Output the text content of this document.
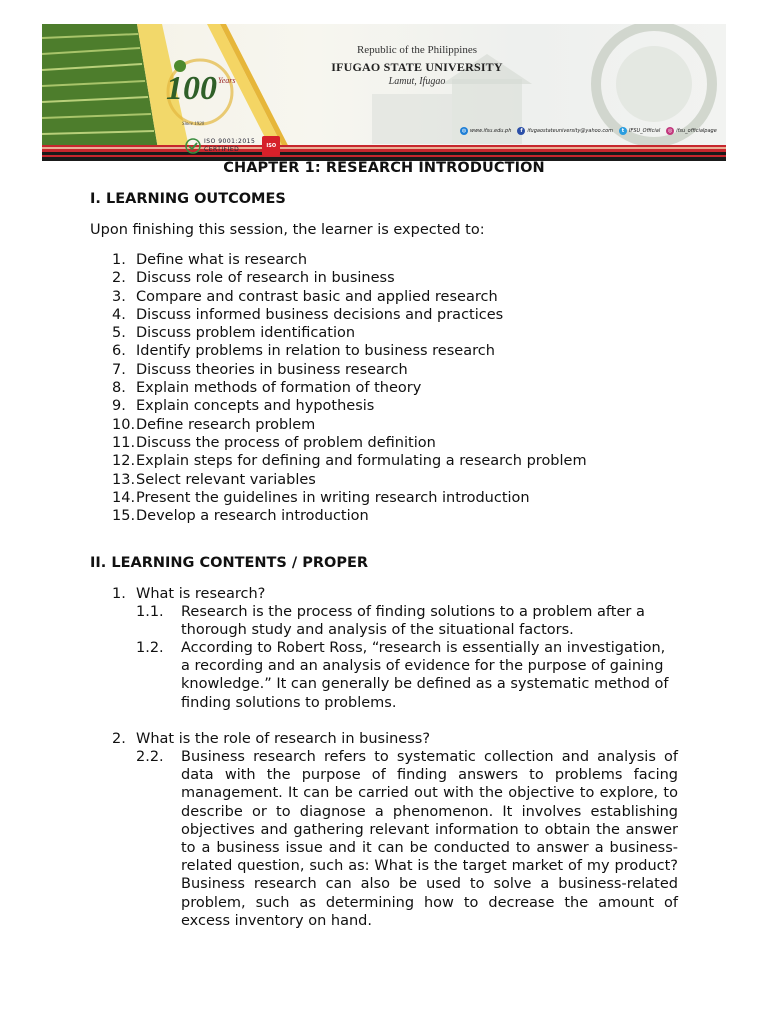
100 Years
Since 1920
Republic of the Philippines
IFUGAO STATE UNIVERSITY
Lamut, Ifugao
◍ www.ifsu.edu.ph	f ifugaostateuniversity@yahoo.com	t IFSU_Official	◎ ifsu_officialpage
ISO 9001:2015
CERTIFIED	ISO
CHAPTER 1: RESEARCH INTRODUCTION
I. LEARNING OUTCOMES
Upon finishing this session, the learner is expected to:
1. Define what is research
2. Discuss role of research in business
3. Compare and contrast basic and applied research
4. Discuss informed business decisions and practices
5. Discuss problem identification
6. Identify problems in relation to business research
7. Discuss theories in business research
8. Explain methods of formation of theory
9. Explain concepts and hypothesis
10. Define research problem
11. Discuss the process of problem definition
12. Explain steps for defining and formulating a research problem
13. Select relevant variables
14. Present the guidelines in writing research introduction
15. Develop a research introduction
II. LEARNING CONTENTS / PROPER
1. What is research?
1.1.	Research is the process of finding solutions to a problem after a thorough study and analysis of the situational factors.
1.2.	According to Robert Ross, “research is essentially an investigation, a recording and an analysis of evidence for the purpose of gaining knowledge.” It can generally be defined as a systematic method of finding solutions to problems.
2. What is the role of research in business?
2.2.	Business research refers to systematic collection and analysis of data with the purpose of finding answers to problems facing management. It can be carried out with the objective to explore, to describe or to diagnose a phenomenon. It involves establishing objectives and gathering relevant information to obtain the answer to a business issue and it can be conducted to answer a business- related question, such as: What is the target market of my product? Business research can also be used to solve a business-related problem, such as determining how to decrease the amount of excess inventory on hand.
